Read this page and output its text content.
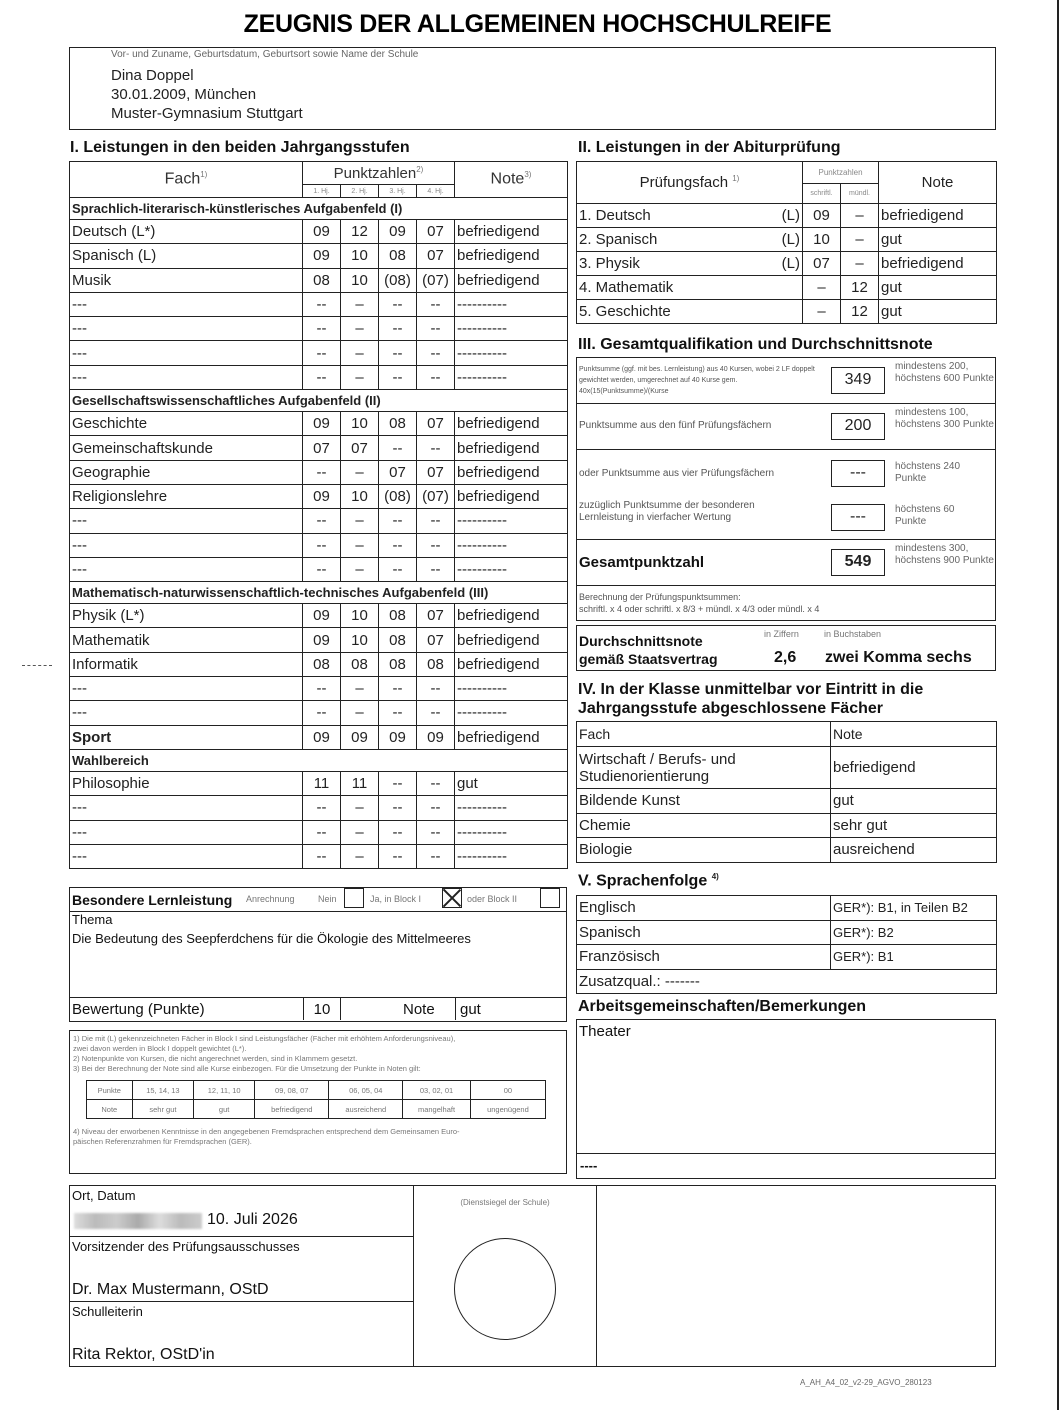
ZEUGNIS DER ALLGEMEINEN HOCHSCHULREIFE
Vor- und Zuname, Geburtsdatum, Geburtsort sowie Name der Schule
Dina Doppel
30.01.2009, München
Muster-Gymnasium Stuttgart
I. Leistungen in den beiden Jahrgangsstufen
Fach$^{1)}$	Punktzahlen$^{2)}$				Note$^{3)}$
	1. Hj.	2. Hj.	3. Hj.	4. Hj.	
Sprachlich-literarisch-künstlerisches Aufgabenfeld (I)					
Deutsch (L*)	09	12	09	07	befriedigend
Spanisch (L)	09	10	08	07	befriedigend
Musik	08	10	(08)	(07)	befriedigend
---	--	–	--	--	----------
---	--	–	--	--	----------
---	--	–	--	--	----------
---	--	–	--	--	----------
Gesellschaftswissenschaftliches Aufgabenfeld (II)					
Geschichte	09	10	08	07	befriedigend
Gemeinschaftskunde	07	07	--	--	befriedigend
Geographie	--	–	07	07	befriedigend
Religionslehre	09	10	(08)	(07)	befriedigend
---	--	–	--	--	----------
---	--	–	--	--	----------
---	--	–	--	--	----------
Mathematisch-naturwissenschaftlich-technisches Aufgabenfeld (III)					
Physik (L*)	09	10	08	07	befriedigend
Mathematik	09	10	08	07	befriedigend
Informatik	08	08	08	08	befriedigend
---	--	–	--	--	----------
---	--	–	--	--	----------
Sport	09	09	09	09	befriedigend
Wahlbereich					
Philosophie	11	11	--	--	gut
---	--	–	--	--	----------
---	--	–	--	--	----------
---	--	–	--	--	----------
Besondere Lernleistung Anrechnung	Nein	Ja, in Block I	oder Block II
Thema
Die Bedeutung des Seepferdchens für die Ökologie des Mittelmeeres
Bewertung (Punkte)	10	Note	gut

1) Die mit (L) gekennzeichneten Fächer in Block I sind Leistungsfächer (Fächer mit erhöhtem Anforderungsniveau),

zwei davon werden in Block I doppelt gewichtet (L*).

2) Notenpunkte von Kursen, die nicht angerechnet werden, sind in Klammern gesetzt.

3) Bei der Berechnung der Note sind alle Kurse einbezogen. Für die Umsetzung der Punkte in Noten gilt:

Punkte	15, 14, 13	12, 11, 10	09, 08, 07	06, 05, 04	03, 02, 01	00
Note	sehr gut	gut	befriedigend	ausreichend	mangelhaft	ungenügend

4) Niveau der erworbenen Kenntnisse in den angegebenen Fremdsprachen entsprechend dem Gemeinsamen Euro-

päischen Referenzrahmen für Fremdsprachen (GER).

II. Leistungen in der Abiturprüfung
Prüfungsfach $^{1)}$	Punktzahlen		Note
	schriftl.	mündl.	
1. Deutsch (L)	09	–	befriedigend
2. Spanisch (L)	10	–	gut
3. Physik (L)	07	–	befriedigend
4. Mathematik	–	12	gut
5. Geschichte	–	12	gut
III. Gesamtqualifikation und Durchschnittsnote
Punktsumme (ggf. mit bes. Lernleistung) aus 40 Kursen, wobei 2 LF doppelt gewichtet werden, umgerechnet auf 40 Kurse gem. 40x(15(Punktsumme)/(Kurse
349
mindestens 200, höchstens 600 Punkte
Punktsumme aus den fünf Prüfungsfächern	200
mindestens 100, höchstens 300 Punkte
oder Punktsumme aus vier Prüfungsfächern	---	höchstens 240 Punkte
zuzüglich Punktsumme der besonderen Lernleistung in vierfacher Wertung	---	höchstens 60 Punkte
Gesamtpunktzahl	549
mindestens 300, höchstens 900 Punkte
Berechnung der Prüfungspunktsummen:
schriftl. x 4 oder schriftl. x 8/3 + mündl. x 4/3 oder mündl. x 4
Durchschnittsnote
gemäß Staatsvertrag
in Ziffern	in Buchstaben
2,6 zwei Komma sechs
IV. In der Klasse unmittelbar vor Eintritt in die
Jahrgangsstufe abgeschlossene Fächer
Fach	Note

Wirtschaft / Berufs- und
Studienorientierung	befriedigend

Bildende Kunst	gut

Chemie	sehr gut

Biologie	ausreichend
V. Sprachenfolge $^{4)}$
Englisch	GER*): B1, in Teilen B2
Spanisch	GER*): B2
Französisch	GER*): B1
Zusatzqual.: -------	
Arbeitsgemeinschaften/Bemerkungen
Theater
----
Ort, Datum
10. Juli 2026
Vorsitzender des Prüfungsausschusses
Dr. Max Mustermann, OStD
Schulleiterin
Rita Rektor, OStD'in
(Dienstsiegel der Schule)
A_AH_A4_02_v2-29_AGVO_280123
